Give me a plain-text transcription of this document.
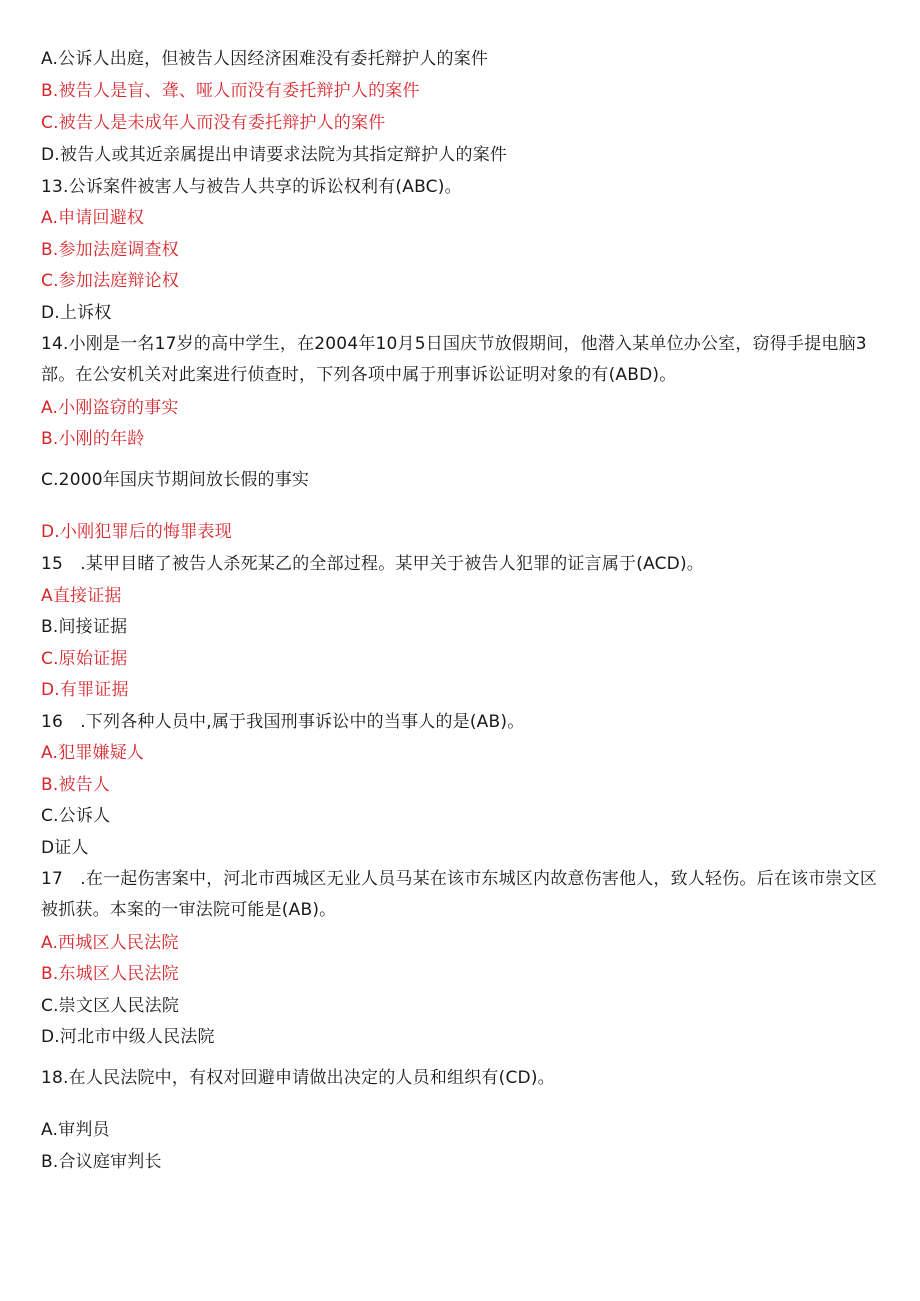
A.公诉人出庭，但被告人因经济困难没有委托辩护人的案件
B.被告人是盲、聋、哑人而没有委托辩护人的案件
C.被告人是未成年人而没有委托辩护人的案件
D.被告人或其近亲属提出申请要求法院为其指定辩护人的案件
13.公诉案件被害人与被告人共享的诉讼权利有(ABC)。
A.申请回避权
B.参加法庭调查权
C.参加法庭辩论权
D.上诉权
14.小刚是一名17岁的高中学生，在2004年10月5日国庆节放假期间，他潜入某单位办公室，窃得手提电脑3部。在公安机关对此案进行侦查时，下列各项中属于刑事诉讼证明对象的有(ABD)。
A.小刚盗窃的事实
B.小刚的年龄
C.2000年国庆节期间放长假的事实
D.小刚犯罪后的悔罪表现
15　.某甲目睹了被告人杀死某乙的全部过程。某甲关于被告人犯罪的证言属于(ACD)。
A直接证据
B.间接证据
C.原始证据
D.有罪证据
16　.下列各种人员中,属于我国刑事诉讼中的当事人的是(AB)。
A.犯罪嫌疑人
B.被告人
C.公诉人
D证人
17　.在一起伤害案中，河北市西城区无业人员马某在该市东城区内故意伤害他人，致人轻伤。后在该市崇文区被抓获。本案的一审法院可能是(AB)。
A.西城区人民法院
B.东城区人民法院
C.崇文区人民法院
D.河北市中级人民法院
18.在人民法院中，有权对回避申请做出决定的人员和组织有(CD)。
A.审判员
B.合议庭审判长
